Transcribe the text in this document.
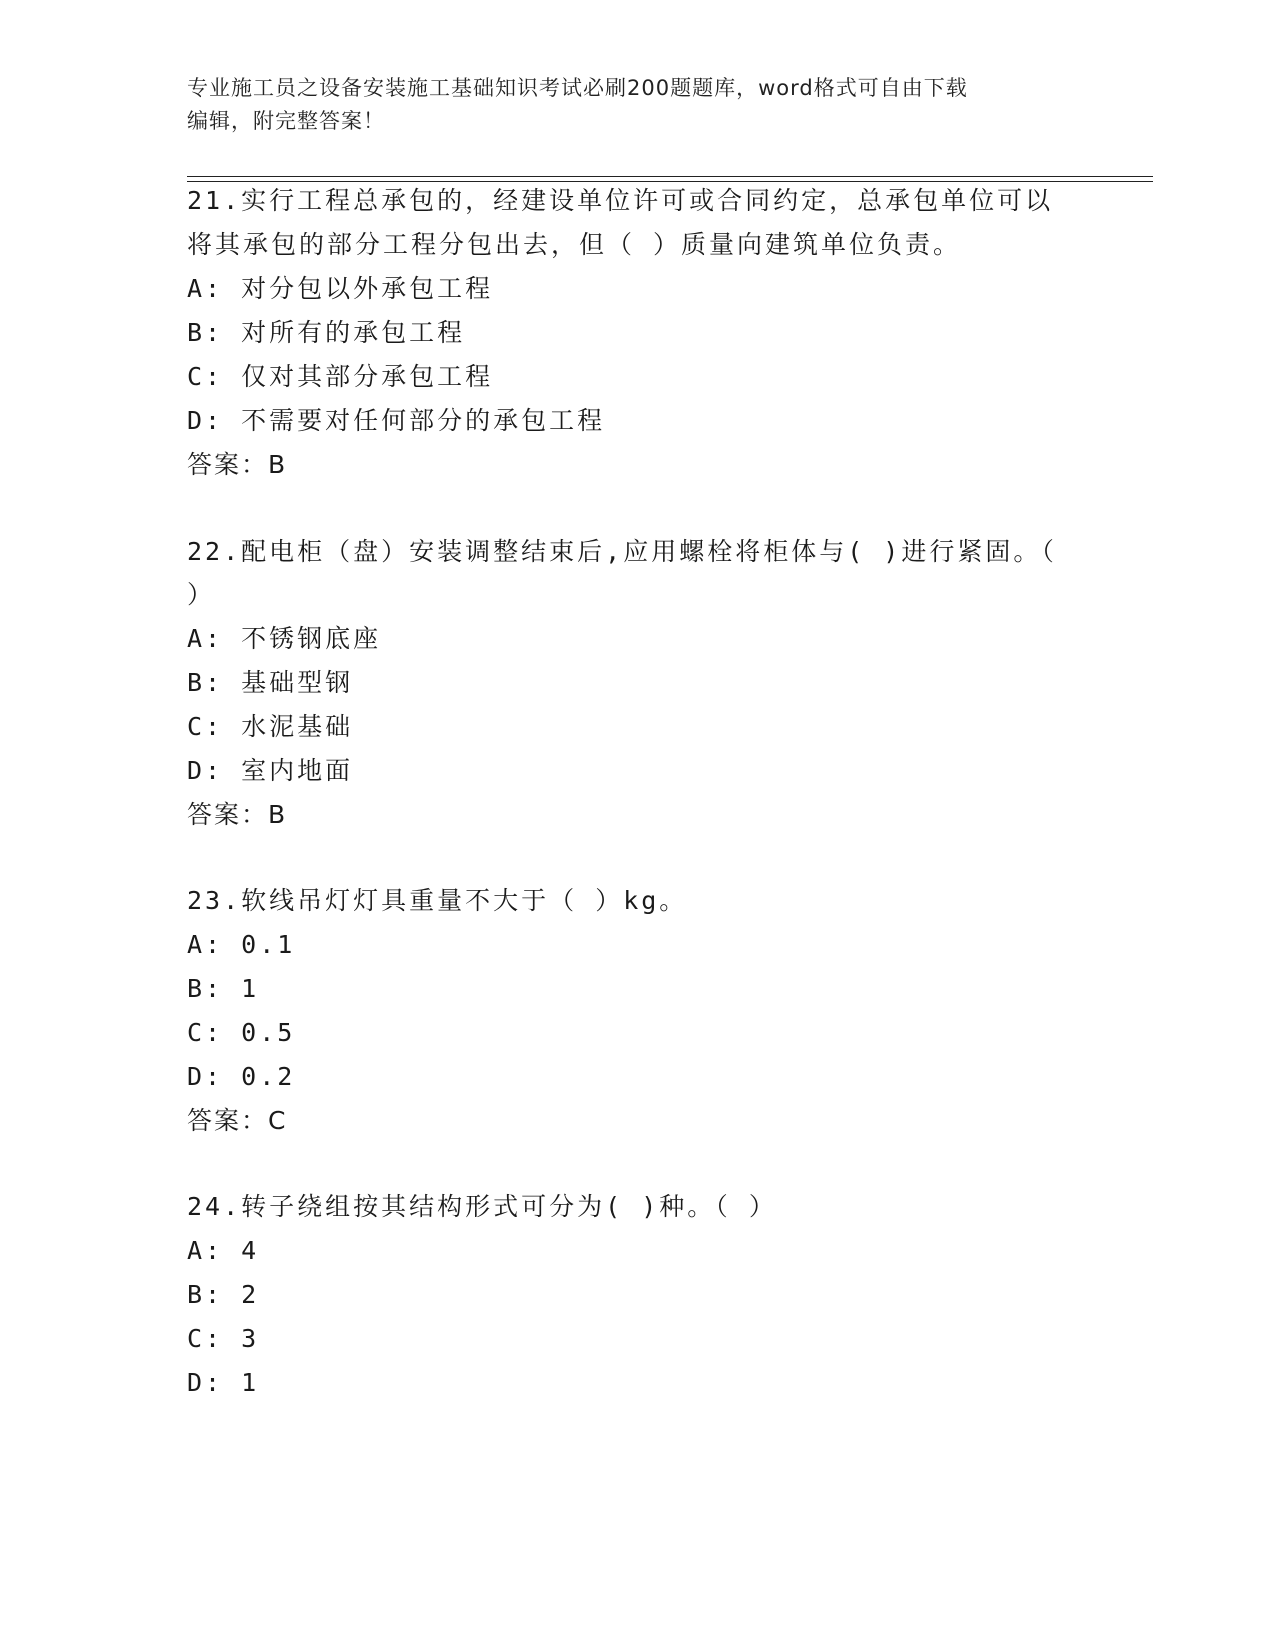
专业施工员之设备安装施工基础知识考试必刷200题题库，word格式可自由下载
编辑，附完整答案！
21.实行工程总承包的，经建设单位许可或合同约定，总承包单位可以
将其承包的部分工程分包出去，但（ ）质量向建筑单位负责。
A: 对分包以外承包工程
B: 对所有的承包工程
C: 仅对其部分承包工程
D: 不需要对任何部分的承包工程
答案：B
22.配电柜（盘）安装调整结束后,应用螺栓将柜体与( )进行紧固。（
）
A: 不锈钢底座
B: 基础型钢
C: 水泥基础
D: 室内地面
答案：B
23.软线吊灯灯具重量不大于（ ）kg。
A: 0.1
B: 1
C: 0.5
D: 0.2
答案：C
24.转子绕组按其结构形式可分为( )种。（ ）
A: 4
B: 2
C: 3
D: 1
